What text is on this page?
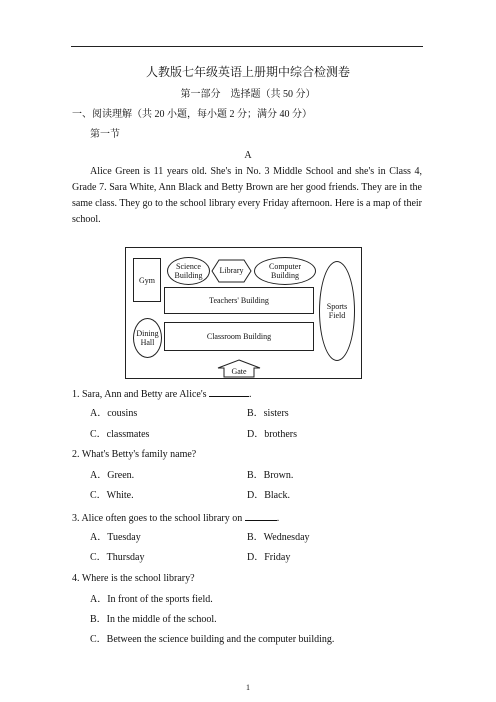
人教版七年级英语上册期中综合检测卷
第一部分　选择题（共 50 分）
一、阅读理解（共 20 小题，每小题 2 分；满分 40 分）
第一节
A
Alice Green is 11 years old. She's in No. 3 Middle School and she's in Class 4, Grade 7. Sara White, Ann Black and Betty Brown are her good friends. They are in the same class. They go to the school library every Friday afternoon. Here is a map of their school.
Gym
Science
Building
Library	Computer
Building
Sports
Field
Teachers' Building
Dining
Hall
Classroom Building
Gate
1. Sara, Ann and Betty are Alice's	.
A．cousins	B．sisters
C．classmates	D．brothers
2. What's Betty's family name?
A．Green.	B．Brown.
C．White.	D．Black.
3. Alice often goes to the school library on	.
A．Tuesday	B．Wednesday
C．Thursday	D．Friday
4. Where is the school library?
A．In front of the sports field.
B．In the middle of the school.
C．Between the science building and the computer building.
1
